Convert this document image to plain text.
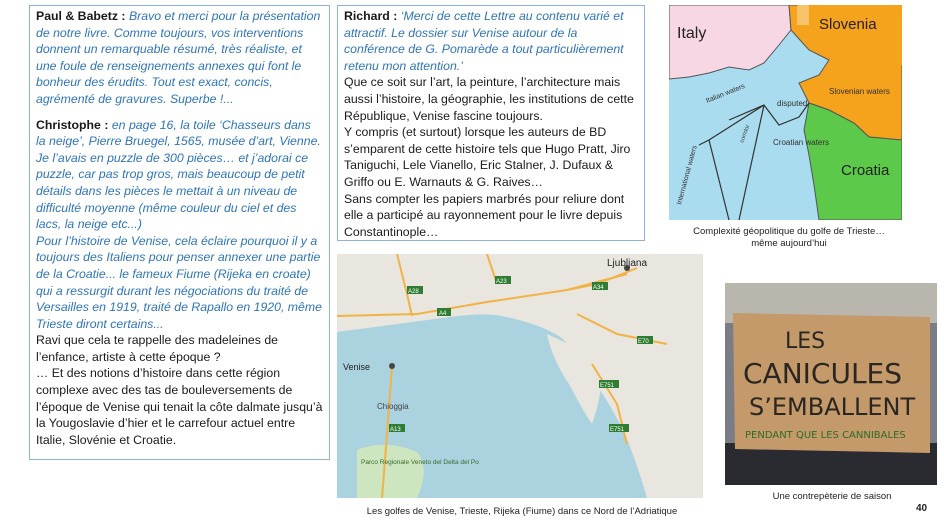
Paul & Babetz : Bravo et merci pour la présentation de notre livre. Comme toujours, vos interventions donnent un remarquable résumé, très réaliste, et une foule de renseignements annexes qui font le bonheur des érudits. Tout est exact, concis, agrémenté de gravures. Superbe !...

Christophe : en page 16, la toile ‘Chasseurs dans la neige’, Pierre Bruegel, 1565, musée d’art, Vienne. Je l’avais en puzzle de 300 pièces… et j’adorai ce puzzle, car pas trop gros, mais beaucoup de petit détails dans les pièces le mettait à un niveau de difficulté moyenne (même couleur du ciel et des lacs, la neige etc...)

Pour l’histoire de Venise, cela éclaire pourquoi il y a toujours des Italiens pour penser annexer une partie de la Croatie... le fameux Fiume (Rijeka en croate) qui a ressurgit durant les négociations du traité de Versailles en 1919, traité de Rapallo en 1920, même Trieste diront certains...

Ravi que cela te rappelle des madeleines de l’enfance, artiste à cette époque ?

… Et des notions d’histoire dans cette région complexe avec des tas de bouleversements de l’époque de Venise qui tenait la côte dalmate jusqu’à la Yougoslavie d’hier et le carrefour actuel entre Italie, Slovénie et Croatie.

Richard : ‘Merci de cette Lettre au contenu varié et attractif. Le dossier sur Venise autour de la conférence de G. Pomarède a tout particulièrement retenu mon attention.’

Que ce soit sur l’art, la peinture, l’architecture mais aussi l’histoire, la géographie, les institutions de cette République, Venise fascine toujours.

Y compris (et surtout) lorsque les auteurs de BD s’emparent de cette histoire tels que Hugo Pratt, Jiro Taniguchi, Lele Vianello, Eric Stalner, J. Dufaux & Griffo ou E. Warnauts & G. Raives…

Sans compter les papiers marbrés pour reliure dont elle a participé au rayonnement pour le livre depuis Constantinople…

Italy
Slovenia
Croatia
Italian waters	disputed
Slovenian waters
Croatian waters
corridor
International waters
Complexité géopolitique du golfe de Trieste…même aujourd’hui
Ljubljana
Venise
Chioggia
Parco Regionale Veneto del Delta del Po
A28
A4
A34
A23
A13
E70
E751
E751
Les golfes de Venise, Trieste, Rijeka (Fiume) dans ce Nord de l’Adriatique
LES
CANICULES
S’EMBALLENT
PENDANT QUE LES CANNIBALES
Une contrepèterie de saison
40
